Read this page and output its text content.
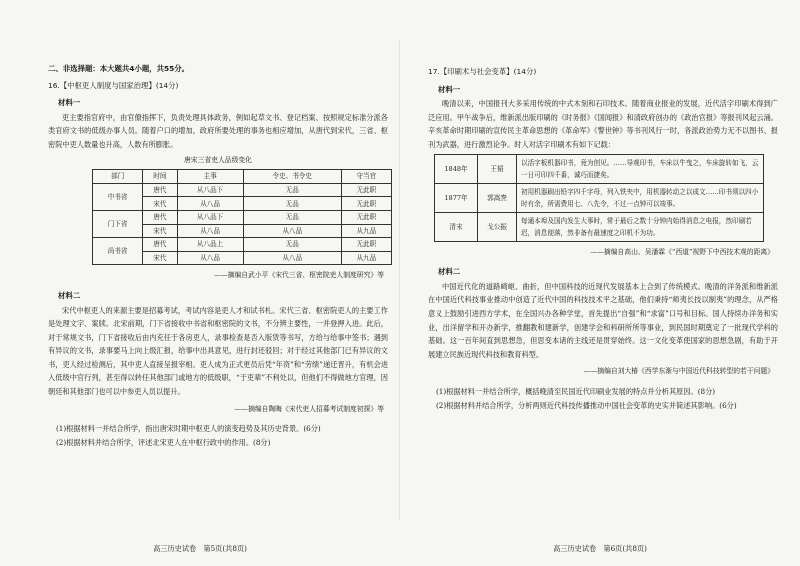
二、非选择题：本大题共4小题，共55分。
16.【中枢吏人制度与国家治理】(14分)
材料一
吏主要指官府中，由官僚指挥下，负责处理具体政务，例如起草文书、登记档案、按照规定标准分派各类官府文书的低级办事人员。随着户口的增加，政府所要处理的事务也相应增加，从唐代到宋代，三省、枢密院中吏人数量也升高，人数有所膨胀。
唐宋三省吏人品级变化
部门	时间	主事	令史、书令史	守当官
中书省	唐代	从八品下	无品	无此职
	宋代	从八品	无品	无此职
门下省	唐代	从八品下	无品	无此职
	宋代	从八品	从八品	从九品
尚书省	唐代	从八品上	无品	无此职
	宋代	从八品	从八品	从九品
——摘编自武小平《宋代三省、枢密院吏人制度研究》等
材料二
宋代中枢吏人的来源主要是招募考试，考试内容是吏人才和试书札。宋代三省、枢密院吏人的主要工作是处理文字、案牍。北宋前期，门下省接收中书省和枢密院的文书，不分辨主要性，一并登押入进。此后，对于常规文书，门下省接收后由内充任于各房吏人，录事检查是否入版赁等书写，方给与给事中签书；遇到有异议的文书，录事要马上向上级汇报，给事中出具意见，进行封还驳回；对于经过其他部门已有异议的文书，吏人经过检测后，其中吏人直接呈报宰相。吏人成为正式更员后凭“年资”和“劳绩”递迁晋升，有机会进入低级中官行列，甚至得以转任其他部门或地方的低级职，“于吏辈”不利处以，但他们不得做地方官理，因朝廷和其他部门也可以中参吏入员以提升。
——摘编自陶晦《宋代吏人招募考试制度初探》等
(1)根据材料一并结合所学，指出唐宋时期中枢吏人的演变趋势及其历史背景。(6分)
(2)根据材料并结合所学，评述北宋吏人在中枢行政中的作用。(8分)
高三历史试卷　第5页(共8页)
17.【印刷术与社会变革】(14分)
材料一
晚清以来，中国报刊大多采用传统的中式木刻和石印技术。随着商业报业的发展，近代活字印刷术得到广泛应用。甲午战争后，维新派出版印刷的《时务报》《国闻报》和清政府创办的《政治官报》等报刊风起云涌。辛亥革命时期印刷的宣传民主革命思想的《革命军》《警世钟》等书刊风行一时，各派政治势力无不以图书、报刊为武器，进行激烈论争。时人对活字印刷术有如下记载：
1848年	王韬	以活字板机器印书，竟为创见。……导观印书，车床以牛曳之，车床旋转如飞，云一日可印四千番，诚巧而捷矣。
1877年	郭嵩焘	初用机器刷出铅字四千字母，列入铁夹中，用机器转动之以成文……印书须以四小时有余，所需费用七、八先令，不过一点钟可以竣事。
清末	戈公振	每通本埠及国内发生大事时，常于最后之数十分钟内始得消息之电报，然印刷若迟，消息便落，然非备有最速度之印机不为功。
——摘编自高山、吴潘霖《“西道”视野下中西技术观的距离》
材料二
中国近代化的道路崎岖、曲折，但中国科技的近现代发展基本上合到了传统模式。晚清的洋务派和维新派在中国近代科技事业推动中创造了近代中国的科技技术平之基础，他们秉持“师夷长技以制夷”的理念，从严格意义上鼓励引进西方学术，在全国兴办各种学堂，首先提出“自强”和“求富”口号和目标。国人持续办洋务和实业，出洋留学和开办新学，推翻教和建新学，创建学会和科研所所等事业，到民国时期奠定了一批现代学科的基础。这一百年间直到思想急，但思变本诸的主线还是贯穿始终。这一文化变革使国家的思想急剧，有助于开展建立民族近现代科技和教育科型。
——摘编自刘大椿《西学东渐与中国近代科技转型的若干问题》
(1)根据材料一并结合所学，概括晚清至民国近代印刷业发展的特点并分析其原因。(8分)
(2)根据材料并结合所学，分析两则近代科技传播推动中国社会变革的史实并简述其影响。(6分)
高三历史试卷　第6页(共8页)
